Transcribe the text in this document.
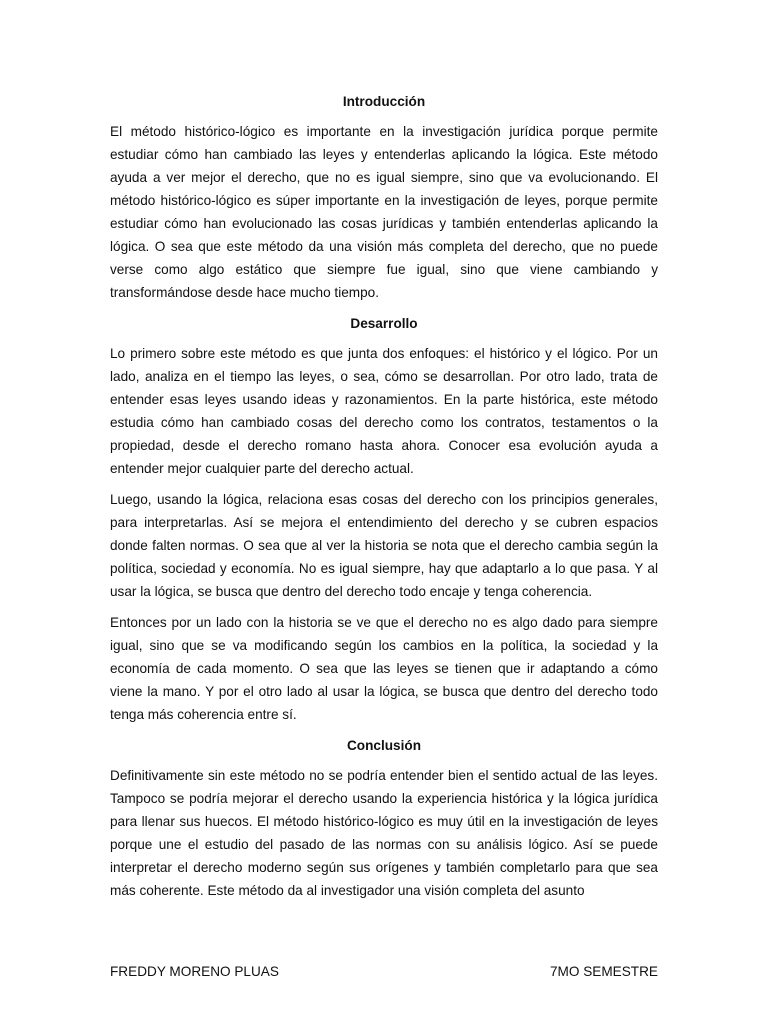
Introducción

El método histórico-lógico es importante en la investigación jurídica porque permite estudiar cómo han cambiado las leyes y entenderlas aplicando la lógica. Este método ayuda a ver mejor el derecho, que no es igual siempre, sino que va evolucionando. El método histórico-lógico es súper importante en la investigación de leyes, porque permite estudiar cómo han evolucionado las cosas jurídicas y también entenderlas aplicando la lógica. O sea que este método da una visión más completa del derecho, que no puede verse como algo estático que siempre fue igual, sino que viene cambiando y transformándose desde hace mucho tiempo.

Desarrollo

Lo primero sobre este método es que junta dos enfoques: el histórico y el lógico. Por un lado, analiza en el tiempo las leyes, o sea, cómo se desarrollan. Por otro lado, trata de entender esas leyes usando ideas y razonamientos. En la parte histórica, este método estudia cómo han cambiado cosas del derecho como los contratos, testamentos o la propiedad, desde el derecho romano hasta ahora. Conocer esa evolución ayuda a entender mejor cualquier parte del derecho actual.

Luego, usando la lógica, relaciona esas cosas del derecho con los principios generales, para interpretarlas. Así se mejora el entendimiento del derecho y se cubren espacios donde falten normas. O sea que al ver la historia se nota que el derecho cambia según la política, sociedad y economía. No es igual siempre, hay que adaptarlo a lo que pasa. Y al usar la lógica, se busca que dentro del derecho todo encaje y tenga coherencia.

Entonces por un lado con la historia se ve que el derecho no es algo dado para siempre igual, sino que se va modificando según los cambios en la política, la sociedad y la economía de cada momento. O sea que las leyes se tienen que ir adaptando a cómo viene la mano. Y por el otro lado al usar la lógica, se busca que dentro del derecho todo tenga más coherencia entre sí.

Conclusión

Definitivamente sin este método no se podría entender bien el sentido actual de las leyes. Tampoco se podría mejorar el derecho usando la experiencia histórica y la lógica jurídica para llenar sus huecos. El método histórico-lógico es muy útil en la investigación de leyes porque une el estudio del pasado de las normas con su análisis lógico. Así se puede interpretar el derecho moderno según sus orígenes y también completarlo para que sea más coherente. Este método da al investigador una visión completa del asunto

FREDDY MORENO PLUAS	7MO SEMESTRE
